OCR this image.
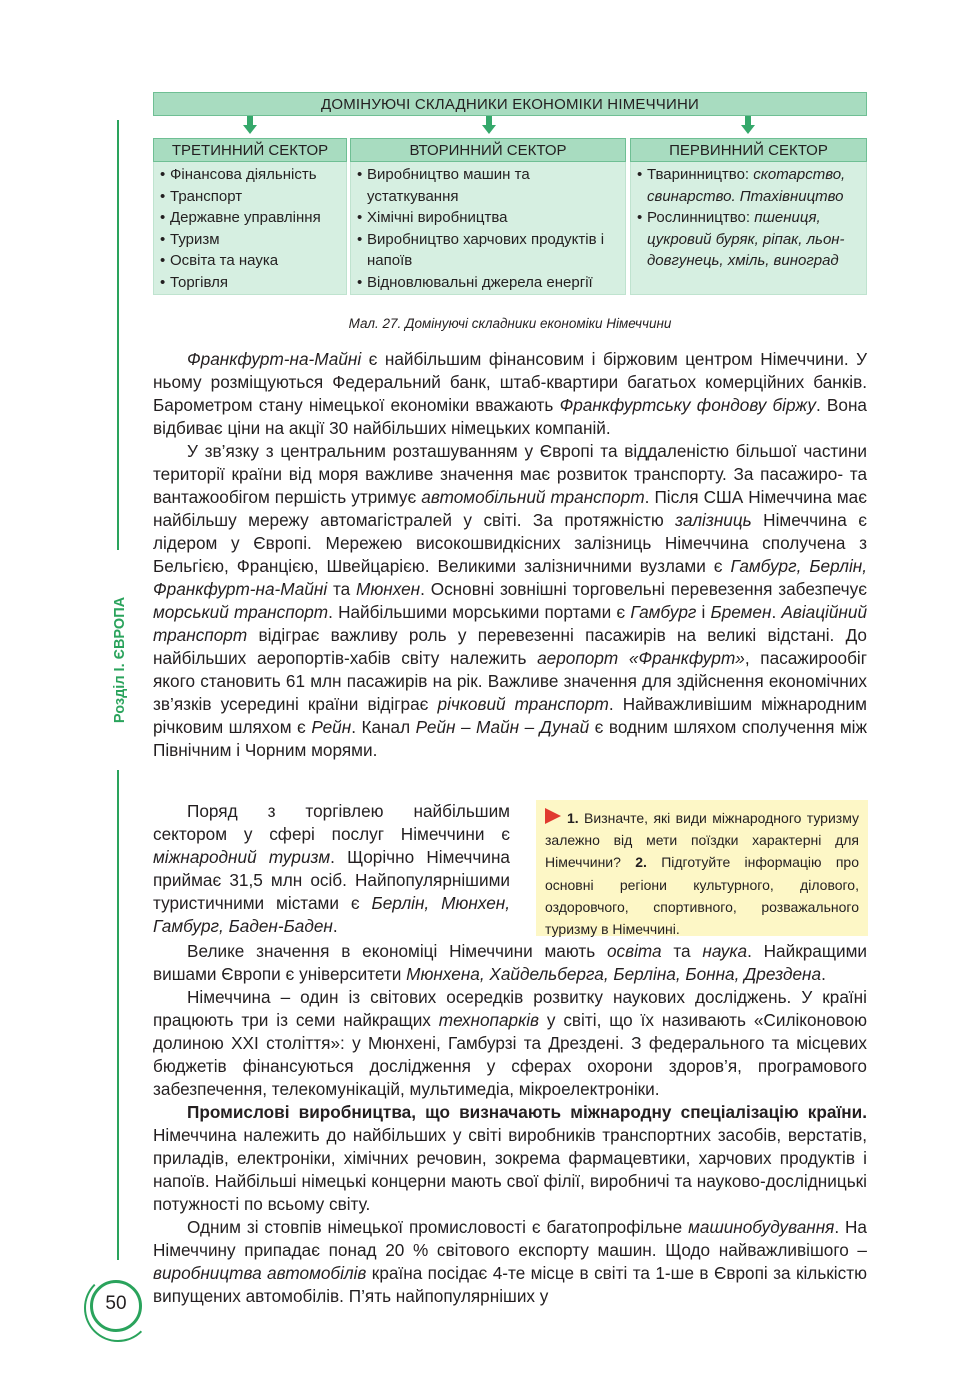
ДОМІНУЮЧІ СКЛАДНИКИ ЕКОНОМІКИ НІМЕЧЧИНИ
ТРЕТИННИЙ СЕКТОР
• Фінансова діяльність
• Транспорт
• Державне управління
• Туризм
• Освіта та наука
• Торгівля
ВТОРИННИЙ СЕКТОР
• Виробництво машин та устаткування
• Хімічні виробництва
• Виробництво харчових продуктів і напоїв
• Відновлювальні джерела енергії
ПЕРВИННИЙ СЕКТОР
• Тваринництво: скотарство, свинарство. Птахівництво
• Рослинництво: пшениця, цукровий буряк, ріпак, льон-довгунець, хміль, виноград
Мал. 27. Домінуючі складники економіки Німеччини

Франкфурт-на-Майні є найбільшим фінансовим і біржовим центром Німеччини. У ньому розміщуються Федеральний банк, штаб-квартири багатьох комерційних банків. Барометром стану німецької економіки вважають Франкфуртську фондову біржу. Вона відбиває ціни на акції 30 найбільших німецьких компаній.

У зв’язку з центральним розташуванням у Європі та віддаленістю більшої частини території країни від моря важливе значення має розвиток транспорту. За пасажиро- та вантажообігом першість утримує автомобільний транспорт. Після США Німеччина має найбільшу мережу автомагістралей у світі. За протяжністю залізниць Німеччина є лідером у Європі. Мережею високошвидкісних залізниць Німеччина сполучена з Бельгією, Францією, Швейцарією. Великими залізничними вузлами є Гамбург, Берлін, Франкфурт-на-Майні та Мюнхен. Основні зовнішні торговельні перевезення забезпечує морський транспорт. Найбільшими морськими портами є Гамбург і Бремен. Авіаційний транспорт відіграє важливу роль у перевезенні пасажирів на великі відстані. До найбільших аеропортів-хабів світу належить аеропорт «Франкфурт», пасажирообіг якого становить 61 млн пасажирів на рік. Важливе значення для здійснення економічних зв’язків усередині країни відіграє річковий транспорт. Найважливішим міжнародним річковим шляхом є Рейн. Канал Рейн – Майн – Дунай є водним шляхом сполучення між Північним і Чорним морями.

Поряд з торгівлею найбільшим сектором у сфері послуг Німеччини є міжнародний туризм. Щорічно Німеччина приймає 31,5 млн осіб. Найпопулярнішими туристичними містами є Берлін, Мюнхен, Гамбург, Баден-Баден.

1. Визначте, які види міжнародного туризму залежно від мети поїздки характерні для Німеччини? 2. Підготуйте інформацію про основні регіони культурного, ділового, оздоровчого, спортивного, розважального туризму в Німеччині.

Велике значення в економіці Німеччини мають освіта та наука. Найкращими вишами Європи є університети Мюнхена, Хайдельберга, Берліна, Бонна, Дрездена.

Німеччина – один із світових осередків розвитку наукових досліджень. У країні працюють три із семи найкращих технопарків у світі, що їх називають «Силіконовою долиною XXI століття»: у Мюнхені, Гамбурзі та Дрездені. З федерального та місцевих бюджетів фінансуються дослідження у сферах охорони здоров’я, програмового забезпечення, телекомунікацій, мультимедіа, мікроелектроніки.

Промислові виробництва, що визначають міжнародну спеціалізацію країни. Німеччина належить до найбільших у світі виробників транспортних засобів, верстатів, приладів, електроніки, хімічних речовин, зокрема фармацевтики, харчових продуктів і напоїв. Найбільші німецькі концерни мають свої філії, виробничі та науково-дослідницькі потужності по всьому світу.

Одним зі стовпів німецької промисловості є багатопрофільне машинобудування. На Німеччину припадає понад 20 % світового експорту машин. Щодо найважливішого – виробництва автомобілів країна посідає 4-те місце в світі та 1-ше в Європі за кількістю випущених автомобілів. П’ять найпопулярніших у

Розділ І. ЄВРОПА
50
